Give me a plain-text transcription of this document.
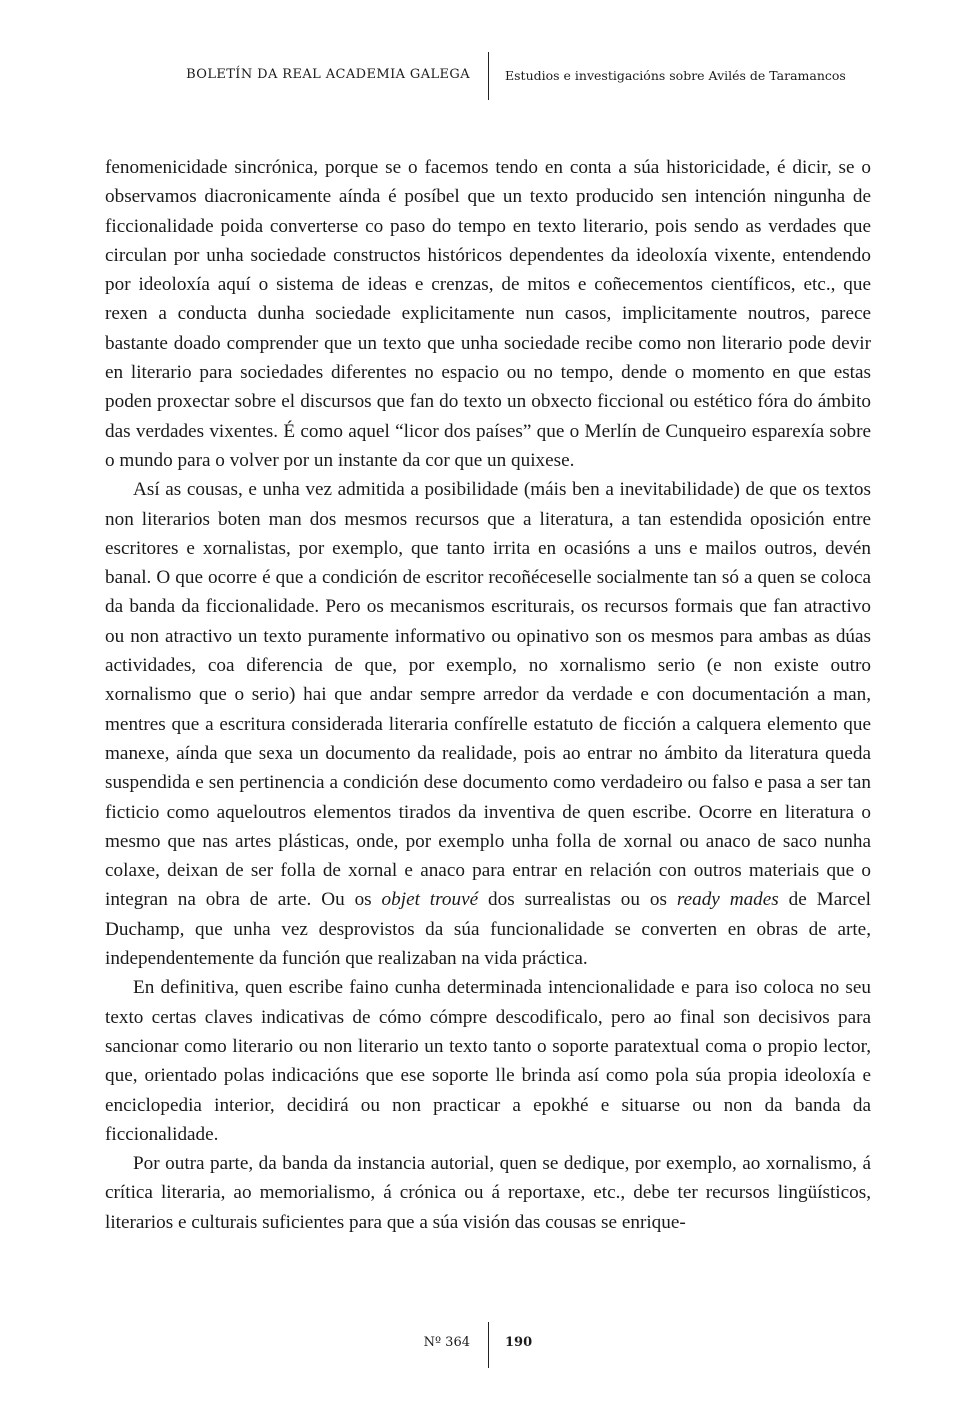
BOLETÍN DA REAL ACADEMIA GALEGA	Estudios e investigacións sobre Avilés de Taramancos

fenomenicidade sincrónica, porque se o facemos tendo en conta a súa historicidade, é dicir, se o observamos diacronicamente aínda é posíbel que un texto producido sen intención ningunha de ficcionalidade poida converterse co paso do tempo en texto literario, pois sendo as verdades que circulan por unha sociedade constructos históricos dependentes da ideoloxía vixente, entendendo por ideoloxía aquí o sistema de ideas e crenzas, de mitos e coñecementos científicos, etc., que rexen a conducta dunha sociedade explicitamente nun casos, implicitamente noutros, parece bastante doado comprender que un texto que unha sociedade recibe como non literario pode devir en literario para sociedades diferentes no espacio ou no tempo, dende o momento en que estas poden proxectar sobre el discursos que fan do texto un obxecto ficcional ou estético fóra do ámbito das verdades vixentes. É como aquel “licor dos países” que o Merlín de Cunqueiro esparexía sobre o mundo para o volver por un instante da cor que un quixese.

Así as cousas, e unha vez admitida a posibilidade (máis ben a inevitabilidade) de que os textos non literarios boten man dos mesmos recursos que a literatura, a tan estendida oposición entre escritores e xornalistas, por exemplo, que tanto irrita en ocasións a uns e mailos outros, devén banal. O que ocorre é que a condición de escritor recoñéceselle socialmente tan só a quen se coloca da banda da ficcionalidade. Pero os mecanismos escriturais, os recursos formais que fan atractivo ou non atractivo un texto puramente informativo ou opinativo son os mesmos para ambas as dúas actividades, coa diferencia de que, por exemplo, no xornalismo serio (e non existe outro xornalismo que o serio) hai que andar sempre arredor da verdade e con documentación a man, mentres que a escritura considerada literaria confírelle estatuto de ficción a calquera elemento que manexe, aínda que sexa un documento da realidade, pois ao entrar no ámbito da literatura queda suspendida e sen pertinencia a condición dese documento como verdadeiro ou falso e pasa a ser tan ficticio como aqueloutros elementos tirados da inventiva de quen escribe. Ocorre en literatura o mesmo que nas artes plásticas, onde, por exemplo unha folla de xornal ou anaco de saco nunha colaxe, deixan de ser folla de xornal e anaco para entrar en relación con outros materiais que o integran na obra de arte. Ou os objet trouvé dos surrealistas ou os ready mades de Marcel Duchamp, que unha vez desprovistos da súa funcionalidade se converten en obras de arte, independentemente da función que realizaban na vida práctica.

En definitiva, quen escribe faino cunha determinada intencionalidade e para iso coloca no seu texto certas claves indicativas de cómo cómpre descodificalo, pero ao final son decisivos para sancionar como literario ou non literario un texto tanto o soporte paratextual coma o propio lector, que, orientado polas indicacións que ese soporte lle brinda así como pola súa propia ideoloxía e enciclopedia interior, decidirá ou non practicar a epokhé e situarse ou non da banda da ficcionalidade.

Por outra parte, da banda da instancia autorial, quen se dedique, por exemplo, ao xornalismo, á crítica literaria, ao memorialismo, á crónica ou á reportaxe, etc., debe ter recursos lingüísticos, literarios e culturais suficientes para que a súa visión das cousas se enrique-

Nº 364	190
